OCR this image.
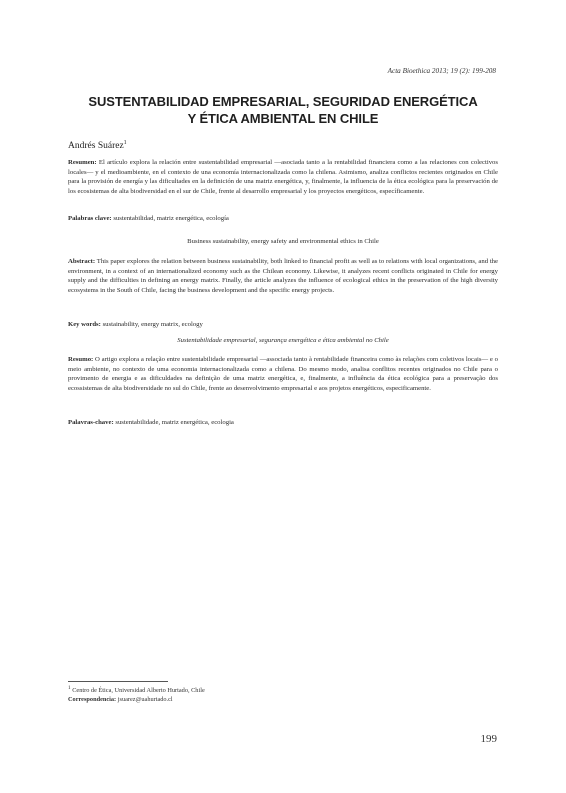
Acta Bioethica 2013; 19 (2): 199-208
SUSTENTABILIDAD EMPRESARIAL, SEGURIDAD ENERGÉTICA
Y ÉTICA AMBIENTAL EN CHILE
Andrés Suárez$^1$
Resumen: El artículo explora la relación entre sustentabilidad empresarial —asociada tanto a la rentabilidad financiera como a las relaciones con colectivos locales— y el medioambiente, en el contexto de una economía internacionalizada como la chilena. Asimismo, analiza conflictos recientes originados en Chile para la provisión de energía y las dificultades en la definición de una matriz energética, y, finalmente, la influencia de la ética ecológica para la preservación de los ecosistemas de alta biodiversidad en el sur de Chile, frente al desarrollo empresarial y los proyectos energéticos, específicamente.
Palabras clave: sustentabilidad, matriz energética, ecología
Business sustainability, energy safety and environmental ethics in Chile
Abstract: This paper explores the relation between business sustainability, both linked to financial profit as well as to relations with local organizations, and the environment, in a context of an internationalized economy such as the Chilean economy. Likewise, it analyzes recent conflicts originated in Chile for energy supply and the difficulties in defining an energy matrix. Finally, the article analyzes the influence of ecological ethics in the preservation of the high diversity ecosystems in the South of Chile, facing the business development and the specific energy projects.
Key words: sustainability, energy matrix, ecology
Sustentabilidade empresarial, segurança energética e ética ambiental no Chile
Resumo: O artigo explora a relação entre sustentabilidade empresarial —associada tanto à rentabilidade financeira como às relações com coletivos locais— e o meio ambiente, no contexto de uma economia internacionalizada como a chilena. Do mesmo modo, analisa conflitos recentes originados no Chile para o provimento de energia e as dificuldades na definição de uma matriz energética, e, finalmente, a influência da ética ecológica para a preservação dos ecossistemas de alta biodiversidade no sul do Chile, frente ao desenvolvimento empresarial e aos projetos energéticos, especificamente.
Palavras-chave: sustentabilidade, matriz energética, ecologia
$^1$ Centro de Ética, Universidad Alberto Hurtado, Chile
Correspondencia: jsuarez@uahurtado.cl
199
